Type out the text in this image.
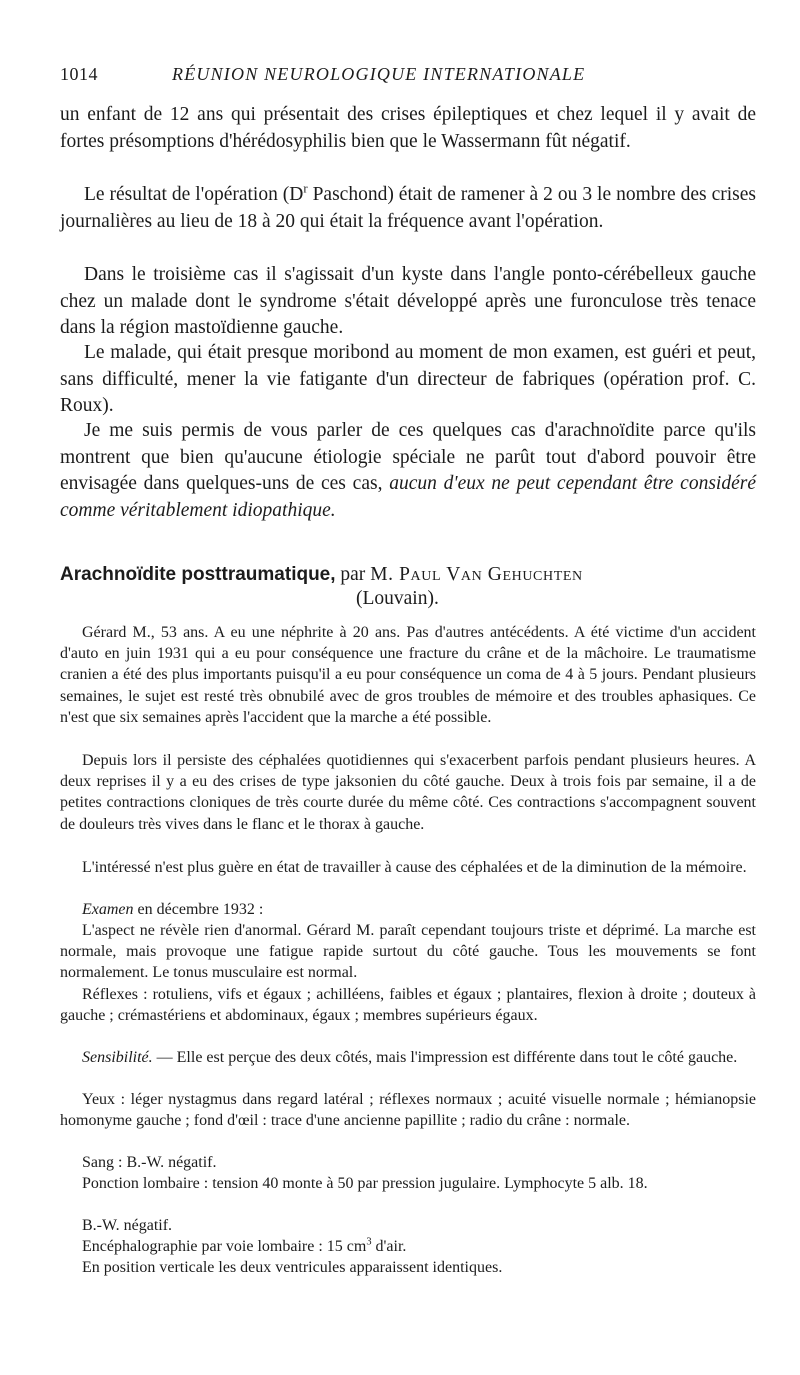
1014	RÉUNION NEUROLOGIQUE INTERNATIONALE

un enfant de 12 ans qui présentait des crises épileptiques et chez lequel il y avait de fortes présomptions d'hérédosyphilis bien que le Wassermann fût négatif.

Le résultat de l'opération ($D^r$ Paschond) était de ramener à 2 ou 3 le nombre des crises journalières au lieu de 18 à 20 qui était la fréquence avant l'opération.

Dans le troisième cas il s'agissait d'un kyste dans l'angle ponto-cérébelleux gauche chez un malade dont le syndrome s'était développé après une furonculose très tenace dans la région mastoïdienne gauche.

Le malade, qui était presque moribond au moment de mon examen, est guéri et peut, sans difficulté, mener la vie fatigante d'un directeur de fabriques (opération prof. C. Roux).

Je me suis permis de vous parler de ces quelques cas d'arachnoïdite parce qu'ils montrent que bien qu'aucune étiologie spéciale ne parût tout d'abord pouvoir être envisagée dans quelques-uns de ces cas, aucun d'eux ne peut cependant être considéré comme véritablement idiopathique.

Arachnoïdite posttraumatique, par M. Paul Van Gehuchten
(Louvain).

Gérard M., 53 ans. A eu une néphrite à 20 ans. Pas d'autres antécédents. A été victime d'un accident d'auto en juin 1931 qui a eu pour conséquence une fracture du crâne et de la mâchoire. Le traumatisme cranien a été des plus importants puisqu'il a eu pour conséquence un coma de 4 à 5 jours. Pendant plusieurs semaines, le sujet est resté très obnubilé avec de gros troubles de mémoire et des troubles aphasiques. Ce n'est que six semaines après l'accident que la marche a été possible.

Depuis lors il persiste des céphalées quotidiennes qui s'exacerbent parfois pendant plusieurs heures. A deux reprises il y a eu des crises de type jaksonien du côté gauche. Deux à trois fois par semaine, il a de petites contractions cloniques de très courte durée du même côté. Ces contractions s'accompagnent souvent de douleurs très vives dans le flanc et le thorax à gauche.

L'intéressé n'est plus guère en état de travailler à cause des céphalées et de la diminution de la mémoire.

Examen en décembre 1932 :

L'aspect ne révèle rien d'anormal. Gérard M. paraît cependant toujours triste et déprimé. La marche est normale, mais provoque une fatigue rapide surtout du côté gauche. Tous les mouvements se font normalement. Le tonus musculaire est normal.

Réflexes : rotuliens, vifs et égaux ; achilléens, faibles et égaux ; plantaires, flexion à droite ; douteux à gauche ; crémastériens et abdominaux, égaux ; membres supérieurs égaux.

Sensibilité. — Elle est perçue des deux côtés, mais l'impression est différente dans tout le côté gauche.

Yeux : léger nystagmus dans regard latéral ; réflexes normaux ; acuité visuelle normale ; hémianopsie homonyme gauche ; fond d'œil : trace d'une ancienne papillite ; radio du crâne : normale.

Sang : B.-W. négatif.

Ponction lombaire : tension 40 monte à 50 par pression jugulaire. Lymphocyte 5 alb. 18.

B.-W. négatif.

Encéphalographie par voie lombaire : 15 $cm^3$ d'air.

En position verticale les deux ventricules apparaissent identiques.
